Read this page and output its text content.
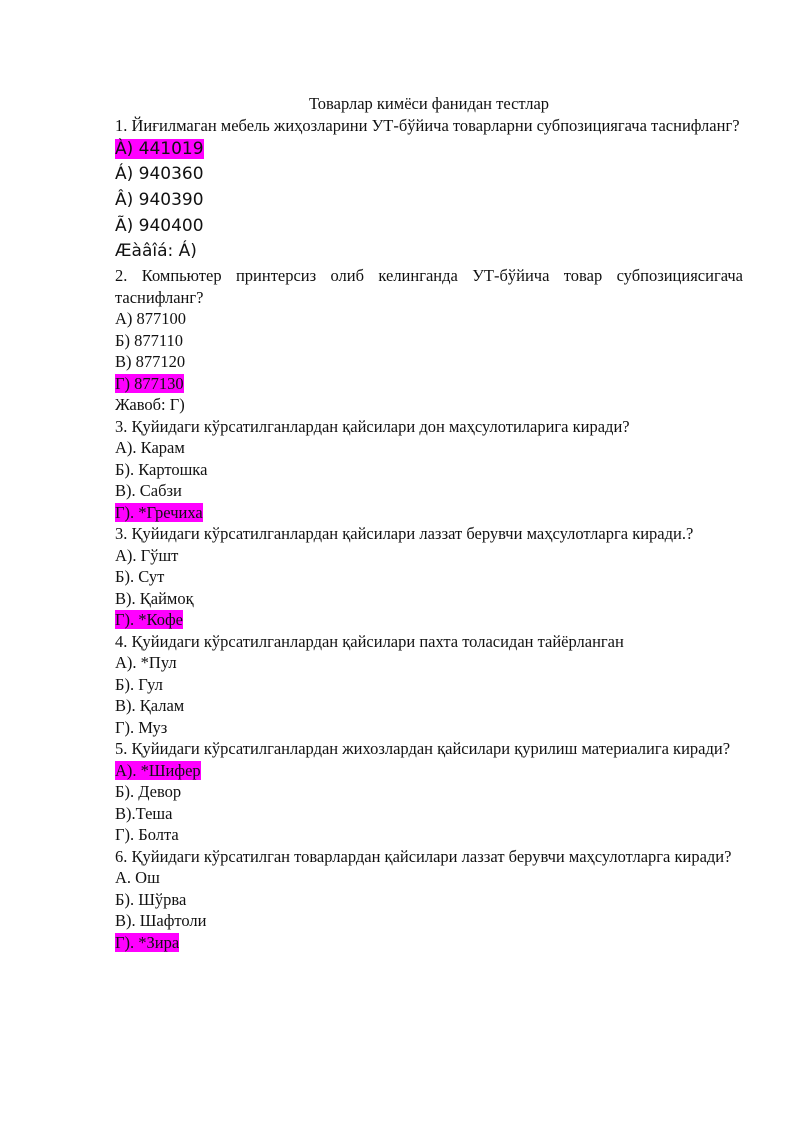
Товарлар кимёси фанидан тестлар

1. Йиғилмаган мебель жиҳозларини УТ-бўйича товарларни субпозициягача таснифланг?

À) 441019

Á) 940360

Â) 940390

Ã) 940400

Æàâîá: Á)

2. Компьютер принтерсиз олиб келинганда УТ-бўйича товар субпозициясигача таснифланг?

А) 877100

Б) 877110

В) 877120

Г) 877130

Жавоб: Г)

3. Қуйидаги кўрсатилганлардан қайсилари дон маҳсулотиларига киради?

А). Карам

Б). Картошка

В). Сабзи

Г). *Гречиха

3. Қуйидаги кўрсатилганлардан қайсилари лаззат берувчи маҳсулотларга киради.?

А). Гўшт

Б). Сут

В). Қаймоқ

Г). *Кофе

4. Қуйидаги кўрсатилганлардан қайсилари пахта толасидан тайёрланган

А). *Пул

Б). Гул

В). Қалам

Г). Муз

5. Қуйидаги кўрсатилганлардан жихозлардан қайсилари қурилиш материалига киради?

А). *Шифер

Б). Девор

В).Теша

Г). Болта

6. Қуйидаги кўрсатилган товарлардан қайсилари лаззат берувчи маҳсулотларга киради?

А. Ош

Б). Шўрва

В). Шафтоли

Г). *Зира
